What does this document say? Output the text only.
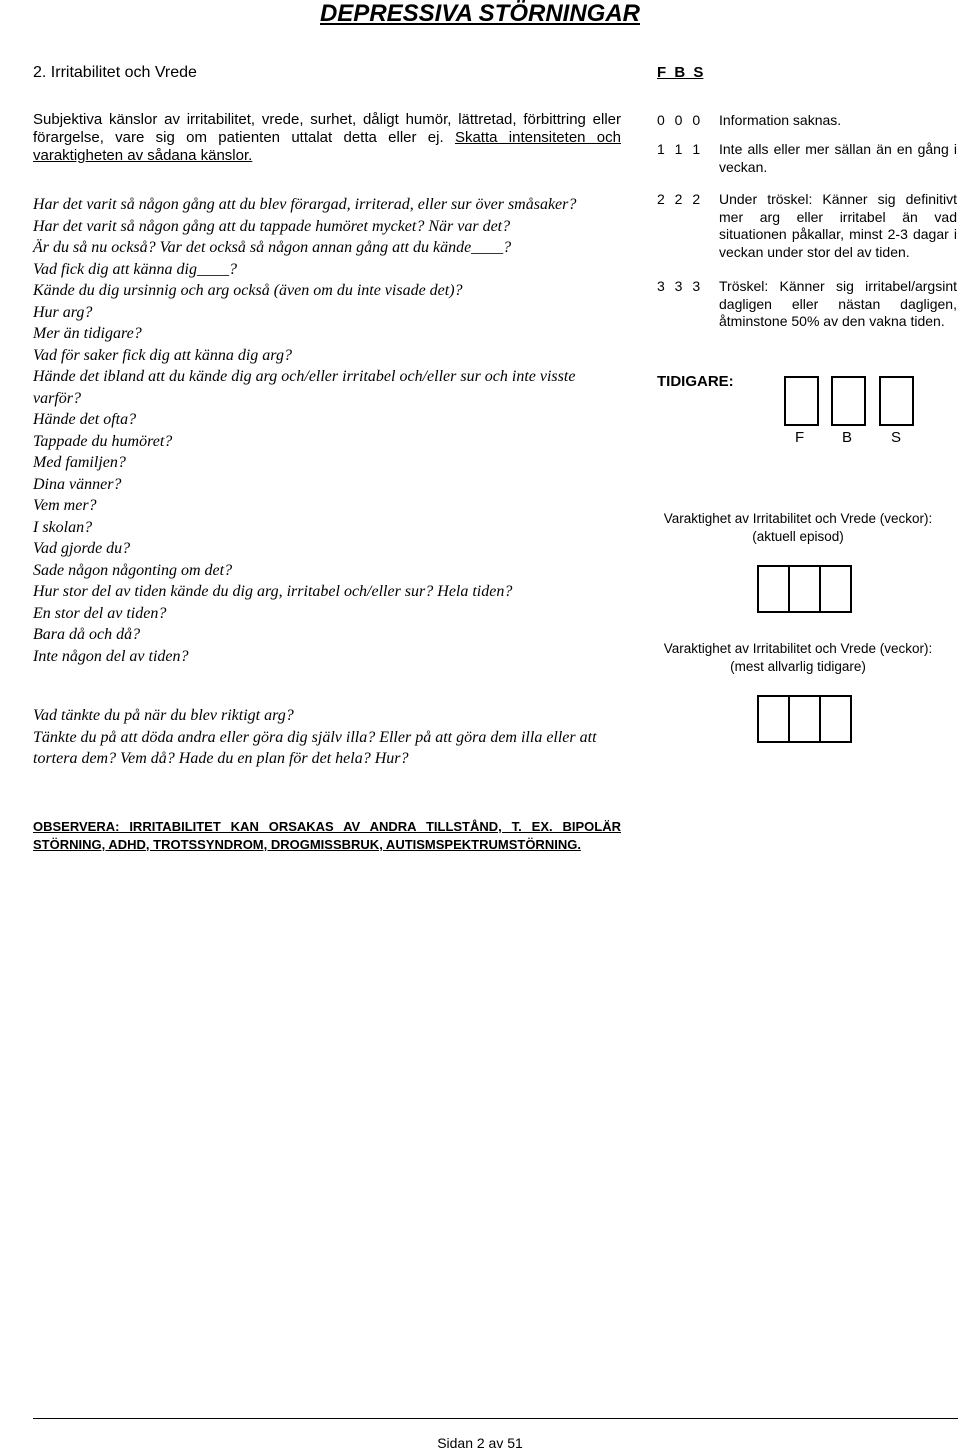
DEPRESSIVA STÖRNINGAR
2. Irritabilitet och Vrede	F B S
Subjektiva känslor av irritabilitet, vrede, surhet, dåligt humör, lättretad, förbittring eller förargelse, vare sig om patienten uttalat detta eller ej. Skatta intensiteten och varaktigheten av sådana känslor.
Har det varit så någon gång att du blev förargad, irriterad, eller sur över småsaker?
Har det varit så någon gång att du tappade humöret mycket? När var det?
Är du så nu också? Var det också så någon annan gång att du kände____?
Vad fick dig att känna dig____?
Kände du dig ursinnig och arg också (även om du inte visade det)?
Hur arg?
Mer än tidigare?
Vad för saker fick dig att känna dig arg?
Hände det ibland att du kände dig arg och/eller irritabel och/eller sur och inte visste varför?
Hände det ofta?
Tappade du humöret?
Med familjen?
Dina vänner?
Vem mer?
I skolan?
Vad gjorde du?
Sade någon någonting om det?
Hur stor del av tiden kände du dig arg, irritabel och/eller sur? Hela tiden?
En stor del av tiden?
Bara då och då?
Inte någon del av tiden?
Vad tänkte du på när du blev riktigt arg?
Tänkte du på att döda andra eller göra dig själv illa? Eller på att göra dem illa eller att tortera dem? Vem då? Hade du en plan för det hela? Hur?
OBSERVERA: IRRITABILITET KAN ORSAKAS AV ANDRA TILLSTÅND, T. EX. BIPOLÄR STÖRNING, ADHD, TROTSSYNDROM, DROGMISSBRUK, AUTISMSPEKTRUMSTÖRNING.
0 0 0 Information saknas.
1 1 1 Inte alls eller mer sällan än en gång i veckan.
2 2 2 Under tröskel: Känner sig definitivt mer arg eller irritabel än vad situationen påkallar, minst 2-3 dagar i veckan under stor del av tiden.
3 3 3 Tröskel: Känner sig irritabel/argsint dagligen eller nästan dagligen, åtminstone 50% av den vakna tiden.
TIDIGARE:
F	B	S
Varaktighet av Irritabilitet och Vrede (veckor):
(aktuell episod)
Varaktighet av Irritabilitet och Vrede (veckor):
(mest allvarlig tidigare)
Sidan 2 av 51
